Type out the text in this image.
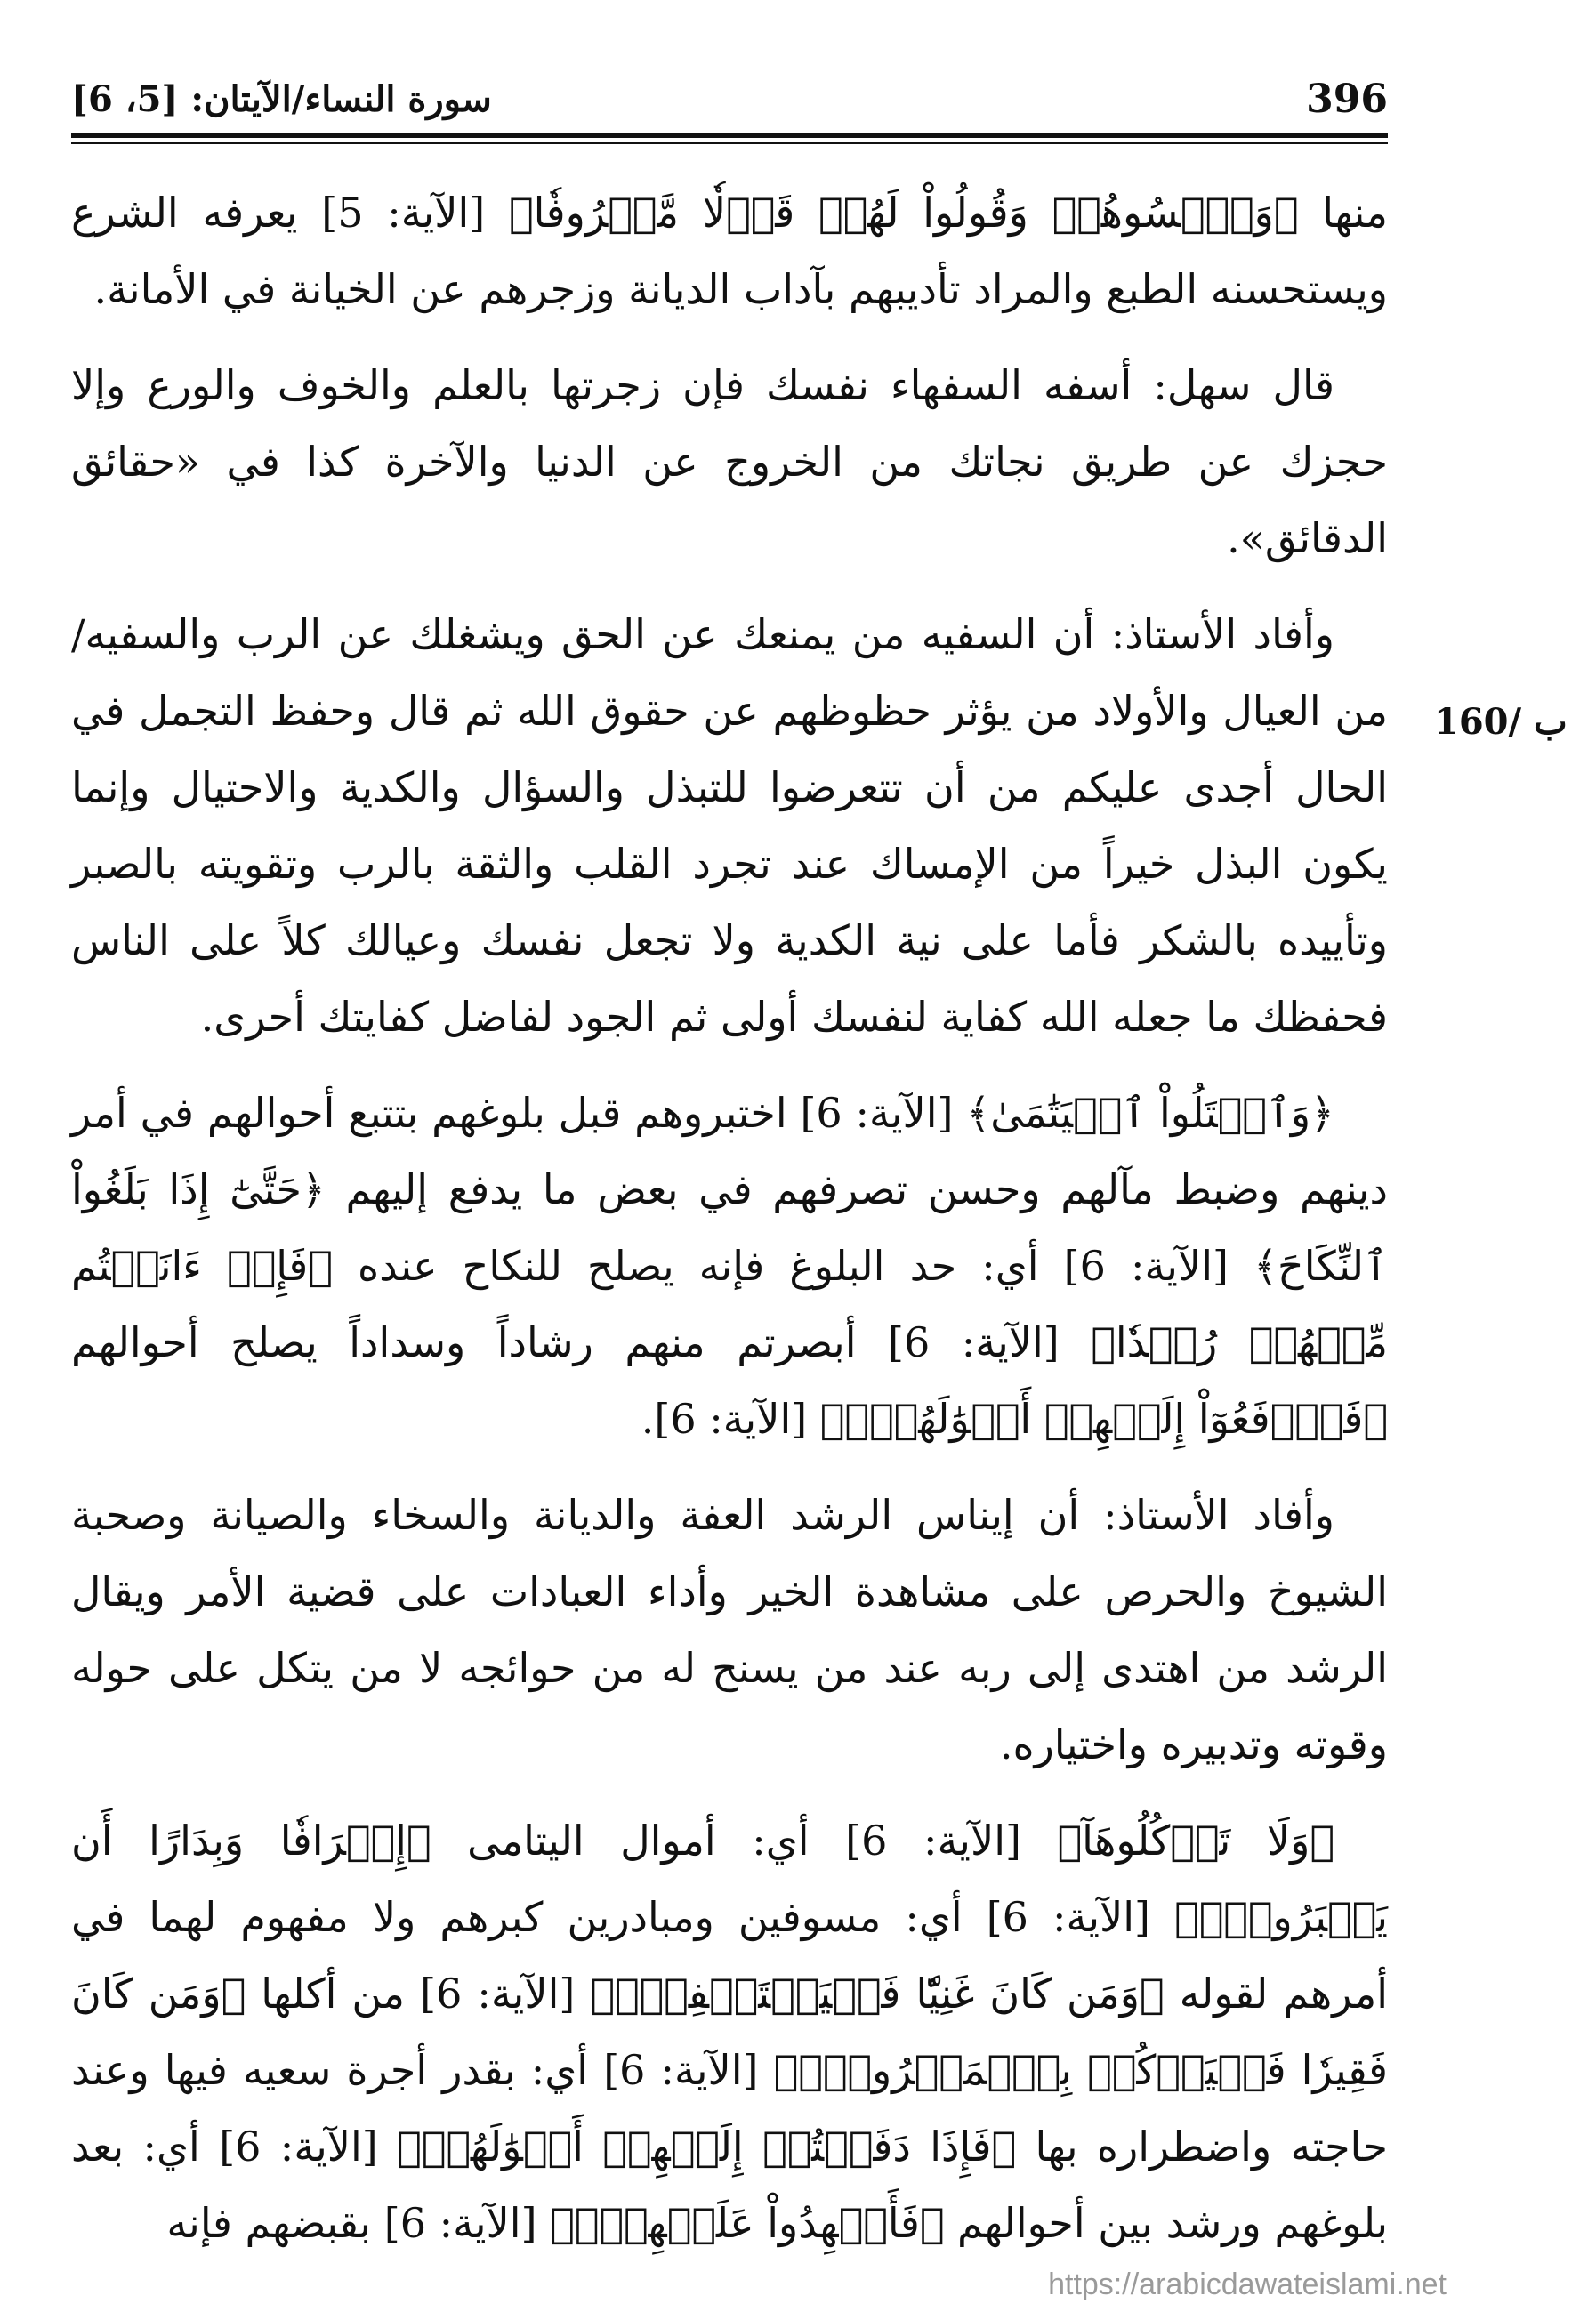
396
سورة النساء/الآيتان: [5، 6]

منها ﴿وَٱكۡسُوهُمۡ وَقُولُواْ لَهُمۡ قَوۡلٗا مَّعۡرُوفٗا﴾ [الآية: 5] يعرفه الشرع ويستحسنه الطبع والمراد تأديبهم بآداب الديانة وزجرهم عن الخيانة في الأمانة.

قال سهل: أسفه السفهاء نفسك فإن زجرتها بالعلم والخوف والورع وإلا حجزك عن طريق نجاتك من الخروج عن الدنيا والآخرة كذا في «حقائق الدقائق».

وأفاد الأستاذ: أن السفيه من يمنعك عن الحق ويشغلك عن الرب والسفيه/ من العيال والأولاد من يؤثر حظوظهم عن حقوق الله ثم قال وحفظ التجمل في الحال أجدى عليكم من أن تتعرضوا للتبذل والسؤال والكدية والاحتيال وإنما يكون البذل خيراً من الإمساك عند تجرد القلب والثقة بالرب وتقويته بالصبر وتأييده بالشكر فأما على نية الكدية ولا تجعل نفسك وعيالك كلاً على الناس فحفظك ما جعله الله كفاية لنفسك أولى ثم الجود لفاضل كفايتك أحرى.

﴿وَٱبۡتَلُواْ ٱلۡيَتَٰمَىٰ﴾ [الآية: 6] اختبروهم قبل بلوغهم بتتبع أحوالهم في أمر دينهم وضبط مآلهم وحسن تصرفهم في بعض ما يدفع إليهم ﴿حَتَّىٰٓ إِذَا بَلَغُواْ ٱلنِّكَاحَ﴾ [الآية: 6] أي: حد البلوغ فإنه يصلح للنكاح عنده ﴿فَإِنۡ ءَانَسۡتُم مِّنۡهُمۡ رُشۡدٗا﴾ [الآية: 6] أبصرتم منهم رشاداً وسداداً يصلح أحوالهم ﴿فَٱدۡفَعُوٓاْ إِلَيۡهِمۡ أَمۡوَٰلَهُمۡۖ﴾ [الآية: 6].

وأفاد الأستاذ: أن إيناس الرشد العفة والديانة والسخاء والصيانة وصحبة الشيوخ والحرص على مشاهدة الخير وأداء العبادات على قضية الأمر ويقال الرشد من اهتدى إلى ربه عند من يسنح له من حوائجه لا من يتكل على حوله وقوته وتدبيره واختياره.

﴿وَلَا تَأۡكُلُوهَآ﴾ [الآية: 6] أي: أموال اليتامى ﴿إِسۡرَافٗا وَبِدَارًا أَن يَكۡبَرُواْۚ﴾ [الآية: 6] أي: مسوفين ومبادرين كبرهم ولا مفهوم لهما في أمرهم لقوله ﴿وَمَن كَانَ غَنِيّٗا فَلۡيَسۡتَعۡفِفۡۖ﴾ [الآية: 6] من أكلها ﴿وَمَن كَانَ فَقِيرٗا فَلۡيَأۡكُلۡ بِٱلۡمَعۡرُوفِۚ﴾ [الآية: 6] أي: بقدر أجرة سعيه فيها وعند حاجته واضطراره بها ﴿فَإِذَا دَفَعۡتُمۡ إِلَيۡهِمۡ أَمۡوَٰلَهُمۡ﴾ [الآية: 6] أي: بعد بلوغهم ورشد بين أحوالهم ﴿فَأَشۡهِدُواْ عَلَيۡهِمۡۚ﴾ [الآية: 6] بقبضهم فإنه

160/ ب
https://arabicdawateislami.net
